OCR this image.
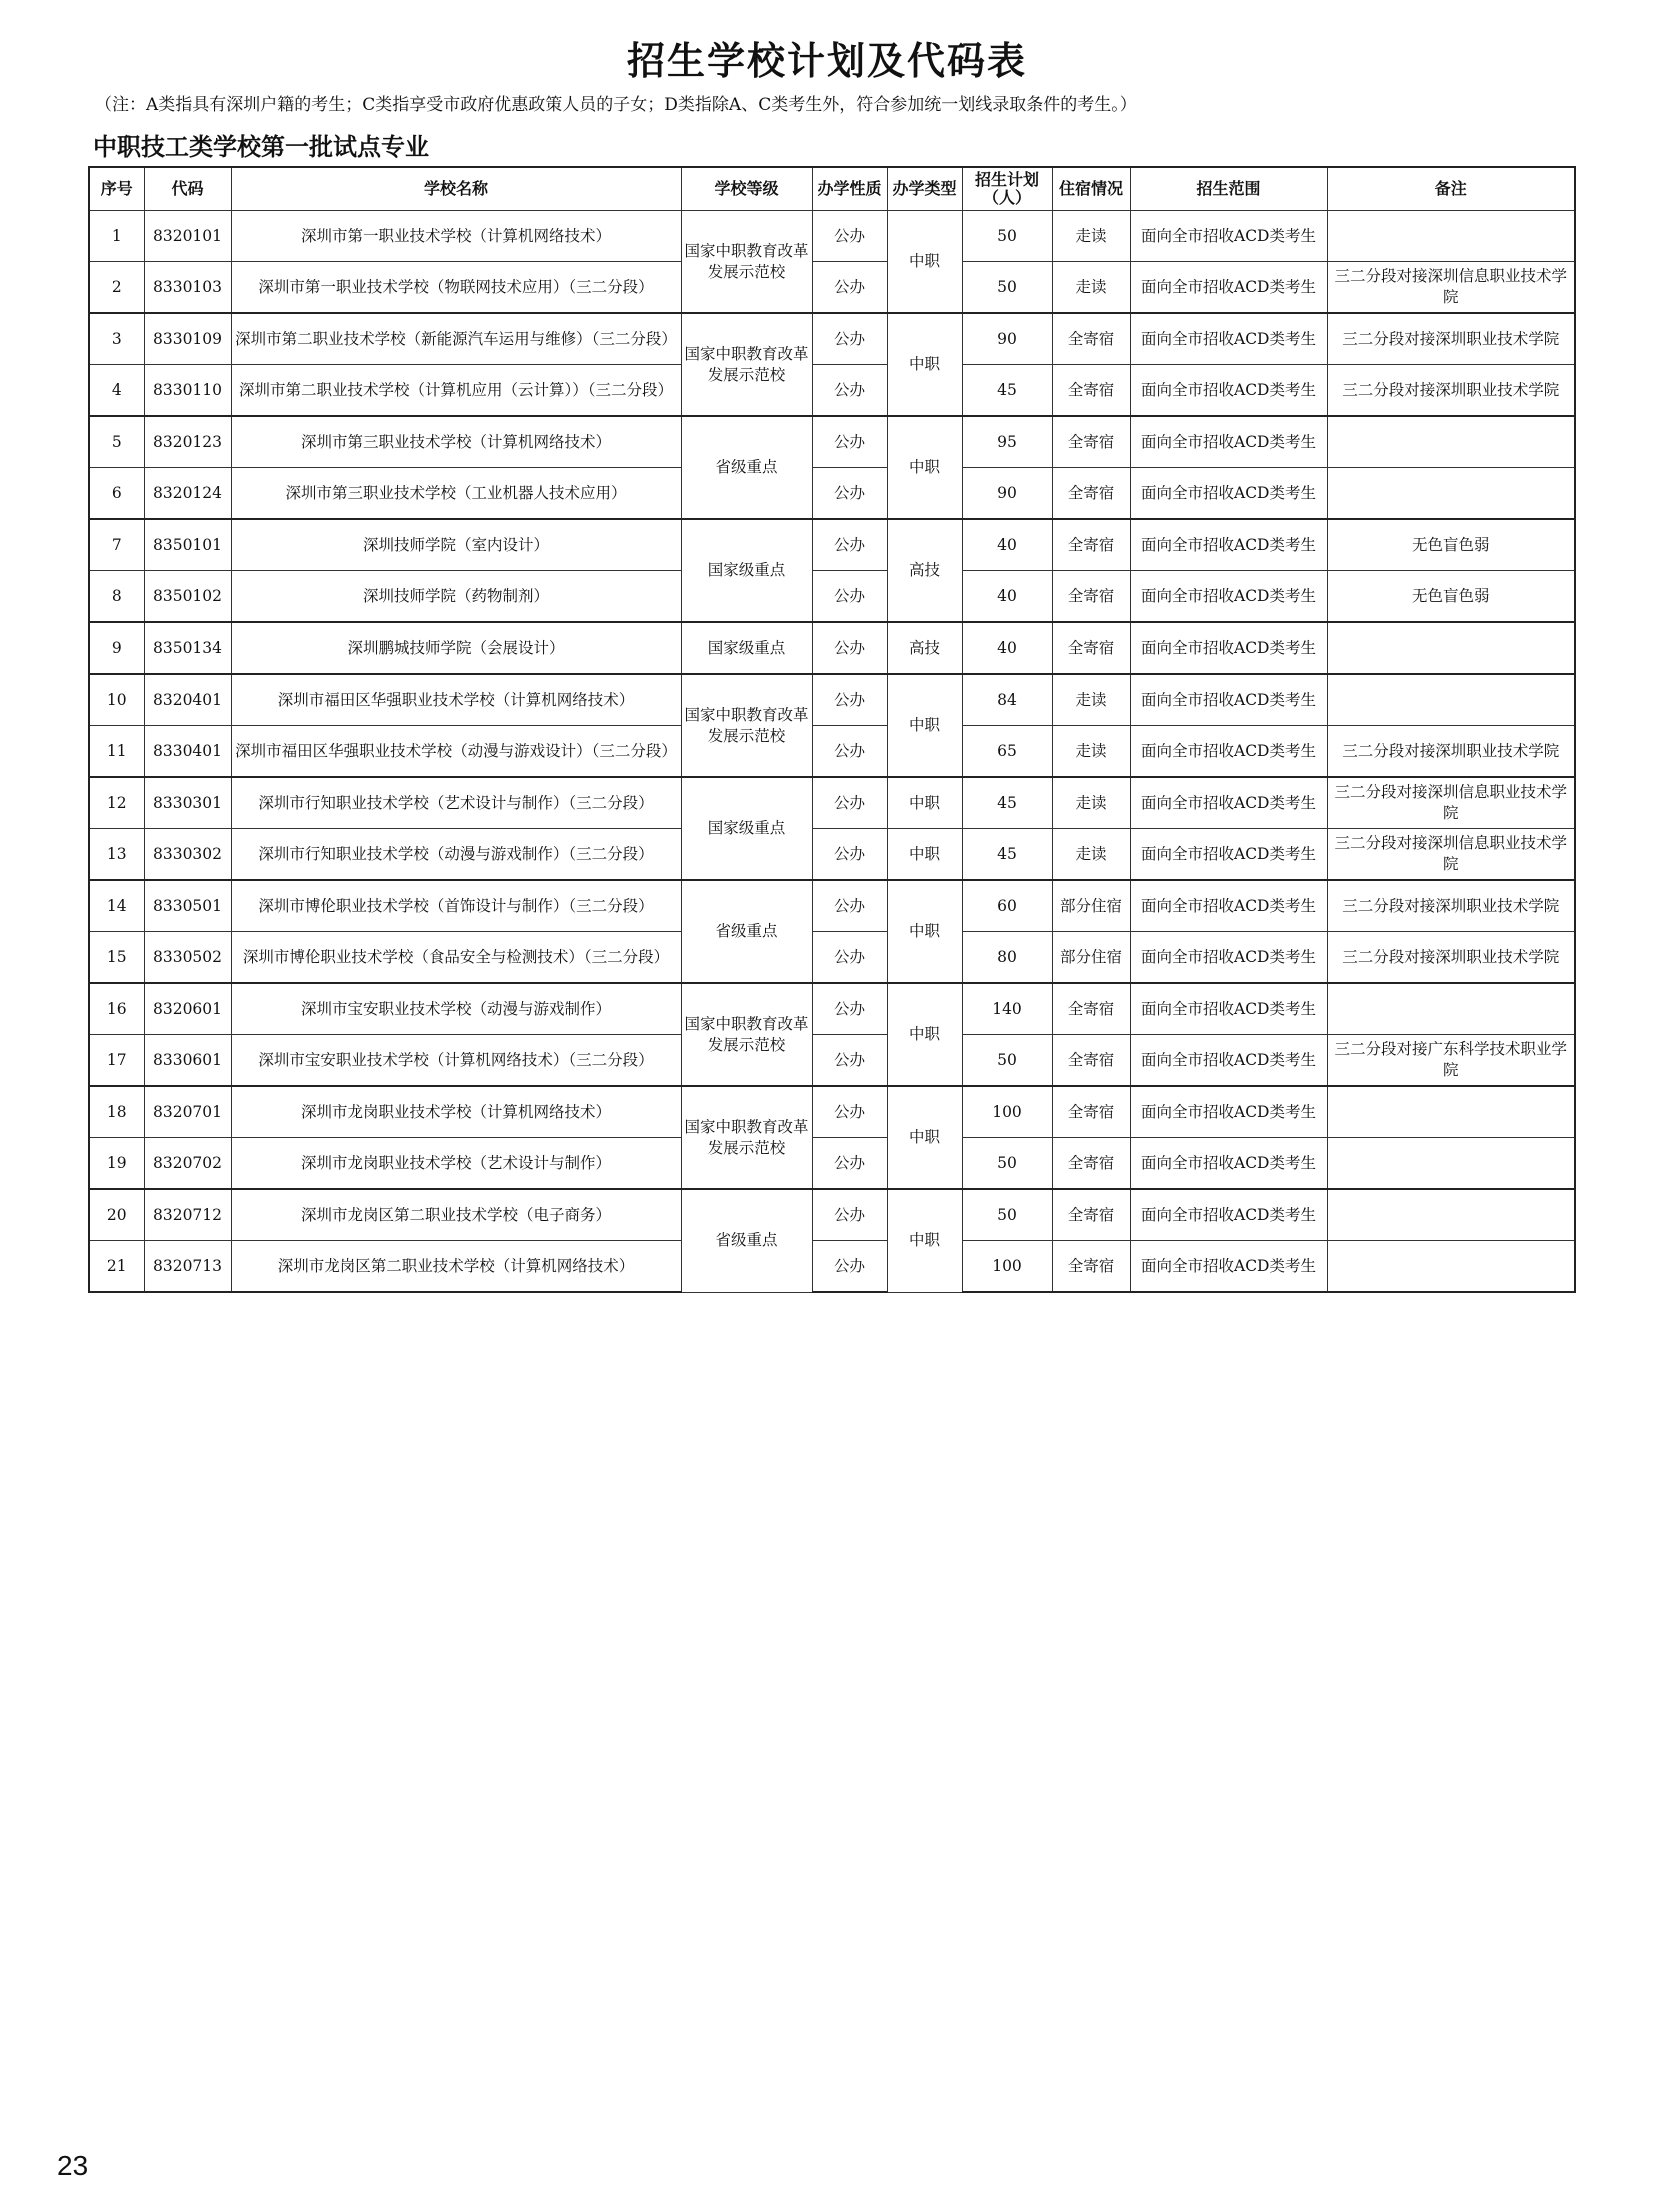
招生学校计划及代码表
（注：A类指具有深圳户籍的考生；C类指享受市政府优惠政策人员的子女；D类指除A、C类考生外，符合参加统一划线录取条件的考生。）
中职技工类学校第一批试点专业
序号	代码	学校名称	学校等级	办学性质	办学类型	招生计划（人）	住宿情况	招生范围	备注
1	8320101	深圳市第一职业技术学校（计算机网络技术）	国家中职教育改革发展示范校	公办	中职	50	走读	面向全市招收ACD类考生	
2	8330103	深圳市第一职业技术学校（物联网技术应用）（三二分段）		公办		50	走读	面向全市招收ACD类考生	三二分段对接深圳信息职业技术学院
3	8330109	深圳市第二职业技术学校（新能源汽车运用与维修）（三二分段）	国家中职教育改革发展示范校	公办	中职	90	全寄宿	面向全市招收ACD类考生	三二分段对接深圳职业技术学院
4	8330110	深圳市第二职业技术学校（计算机应用（云计算））（三二分段）		公办		45	全寄宿	面向全市招收ACD类考生	三二分段对接深圳职业技术学院
5	8320123	深圳市第三职业技术学校（计算机网络技术）	省级重点	公办	中职	95	全寄宿	面向全市招收ACD类考生	
6	8320124	深圳市第三职业技术学校（工业机器人技术应用）		公办		90	全寄宿	面向全市招收ACD类考生	
7	8350101	深圳技师学院（室内设计）	国家级重点	公办	高技	40	全寄宿	面向全市招收ACD类考生	无色盲色弱
8	8350102	深圳技师学院（药物制剂）		公办		40	全寄宿	面向全市招收ACD类考生	无色盲色弱
9	8350134	深圳鹏城技师学院（会展设计）	国家级重点	公办	高技	40	全寄宿	面向全市招收ACD类考生	
10	8320401	深圳市福田区华强职业技术学校（计算机网络技术）	国家中职教育改革发展示范校	公办	中职	84	走读	面向全市招收ACD类考生	
11	8330401	深圳市福田区华强职业技术学校（动漫与游戏设计）（三二分段）		公办		65	走读	面向全市招收ACD类考生	三二分段对接深圳职业技术学院
12	8330301	深圳市行知职业技术学校（艺术设计与制作）（三二分段）	国家级重点	公办	中职	45	走读	面向全市招收ACD类考生	三二分段对接深圳信息职业技术学院
13	8330302	深圳市行知职业技术学校（动漫与游戏制作）（三二分段）		公办	中职	45	走读	面向全市招收ACD类考生	三二分段对接深圳信息职业技术学院
14	8330501	深圳市博伦职业技术学校（首饰设计与制作）（三二分段）	省级重点	公办	中职	60	部分住宿	面向全市招收ACD类考生	三二分段对接深圳职业技术学院
15	8330502	深圳市博伦职业技术学校（食品安全与检测技术）（三二分段）		公办		80	部分住宿	面向全市招收ACD类考生	三二分段对接深圳职业技术学院
16	8320601	深圳市宝安职业技术学校（动漫与游戏制作）	国家中职教育改革发展示范校	公办	中职	140	全寄宿	面向全市招收ACD类考生	
17	8330601	深圳市宝安职业技术学校（计算机网络技术）（三二分段）		公办		50	全寄宿	面向全市招收ACD类考生	三二分段对接广东科学技术职业学院
18	8320701	深圳市龙岗职业技术学校（计算机网络技术）	国家中职教育改革发展示范校	公办	中职	100	全寄宿	面向全市招收ACD类考生	
19	8320702	深圳市龙岗职业技术学校（艺术设计与制作）		公办		50	全寄宿	面向全市招收ACD类考生	
20	8320712	深圳市龙岗区第二职业技术学校（电子商务）	省级重点	公办	中职	50	全寄宿	面向全市招收ACD类考生	
21	8320713	深圳市龙岗区第二职业技术学校（计算机网络技术）		公办		100	全寄宿	面向全市招收ACD类考生	
23
